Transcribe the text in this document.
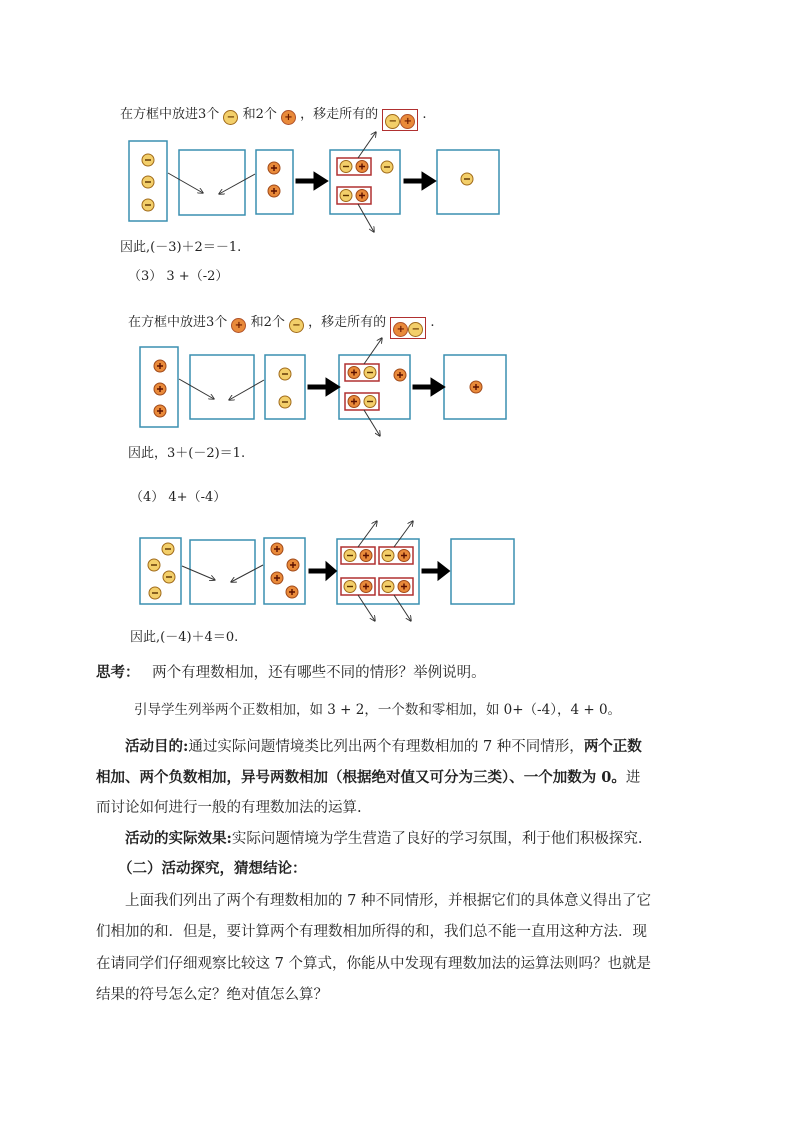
在方框中放进3个 − 和2个 + ，移走所有的 − + .
因此,(－3)＋2＝－1.
（3） 3 +（-2）
在方框中放进3个 + 和2个 − ，移走所有的 + − .
因此，3＋(－2)＝1.
（4） 4+（-4）
因此,(－4)＋4＝0.
思考： 两个有理数相加，还有哪些不同的情形？举例说明。
引导学生列举两个正数相加，如 3 + 2，一个数和零相加，如 0+（-4），4 + 0。
活动目的:通过实际问题情境类比列出两个有理数相加的 7 种不同情形，两个正数
相加、两个负数相加，异号两数相加（根据绝对值又可分为三类）、一个加数为 0。进
而讨论如何进行一般的有理数加法的运算.
活动的实际效果:实际问题情境为学生营造了良好的学习氛围，利于他们积极探究.
（二）活动探究，猜想结论：
上面我们列出了两个有理数相加的 7 种不同情形，并根据它们的具体意义得出了它
们相加的和．但是，要计算两个有理数相加所得的和，我们总不能一直用这种方法．现
在请同学们仔细观察比较这 7 个算式，你能从中发现有理数加法的运算法则吗？也就是
结果的符号怎么定？绝对值怎么算？
